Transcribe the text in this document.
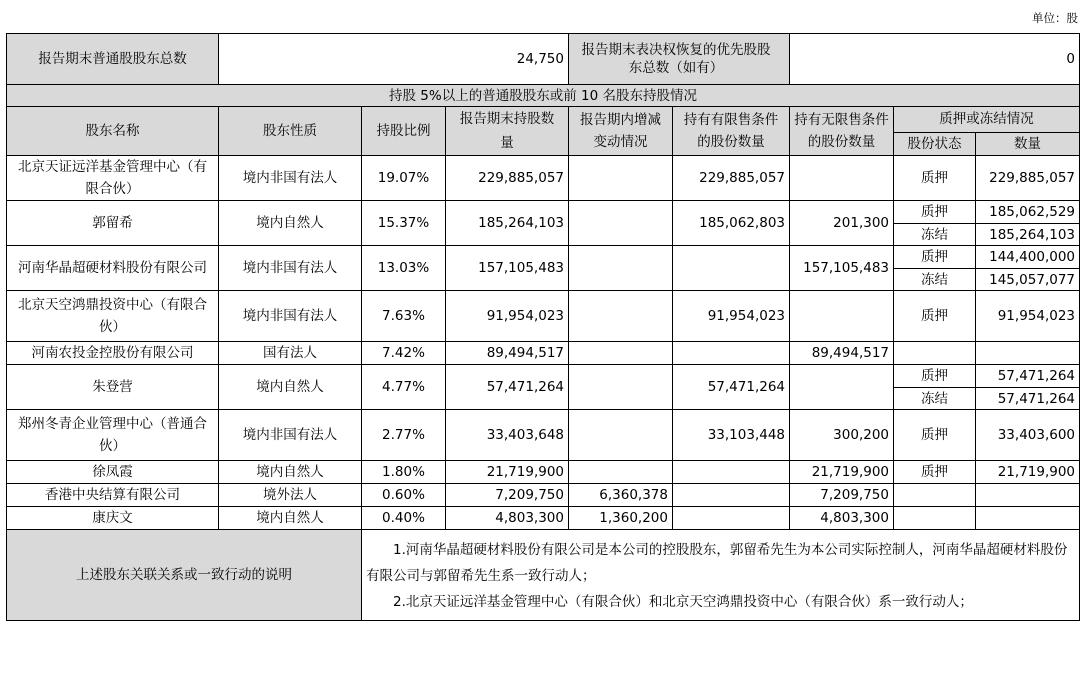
单位：股
报告期末普通股股东总数	24,750			报告期末表决权恢复的优先股股东总数（如有）		0		
持股 5%以上的普通股股东或前 10 名股东持股情况								
股东名称	股东性质	持股比例	报告期末持股数量	报告期内增减变动情况	持有有限售条件的股份数量	持有无限售条件的股份数量	质押或冻结情况	
							股份状态	数量
北京天证远洋基金管理中心（有限合伙）	境内非国有法人	19.07%	229,885,057		229,885,057		质押	229,885,057
郭留希	境内自然人	15.37%	185,264,103		185,062,803	201,300	质押	185,062,529
							冻结	185,264,103
河南华晶超硬材料股份有限公司	境内非国有法人	13.03%	157,105,483			157,105,483	质押	144,400,000
							冻结	145,057,077
北京天空鸿鼎投资中心（有限合伙）	境内非国有法人	7.63%	91,954,023		91,954,023		质押	91,954,023
河南农投金控股份有限公司	国有法人	7.42%	89,494,517			89,494,517		
朱登营	境内自然人	4.77%	57,471,264		57,471,264		质押	57,471,264
							冻结	57,471,264
郑州冬青企业管理中心（普通合伙）	境内非国有法人	2.77%	33,403,648		33,103,448	300,200	质押	33,403,600
徐凤霞	境内自然人	1.80%	21,719,900			21,719,900	质押	21,719,900
香港中央结算有限公司	境外法人	0.60%	7,209,750	6,360,378		7,209,750		
康庆文	境内自然人	0.40%	4,803,300	1,360,200		4,803,300		
上述股东关联关系或一致行动的说明		1.河南华晶超硬材料股份有限公司是本公司的控股股东，郭留希先生为本公司实际控制人，河南华晶超硬材料股份有限公司与郭留希先生系一致行动人；

2.北京天证远洋基金管理中心（有限合伙）和北京天空鸿鼎投资中心（有限合伙）系一致行动人；						
